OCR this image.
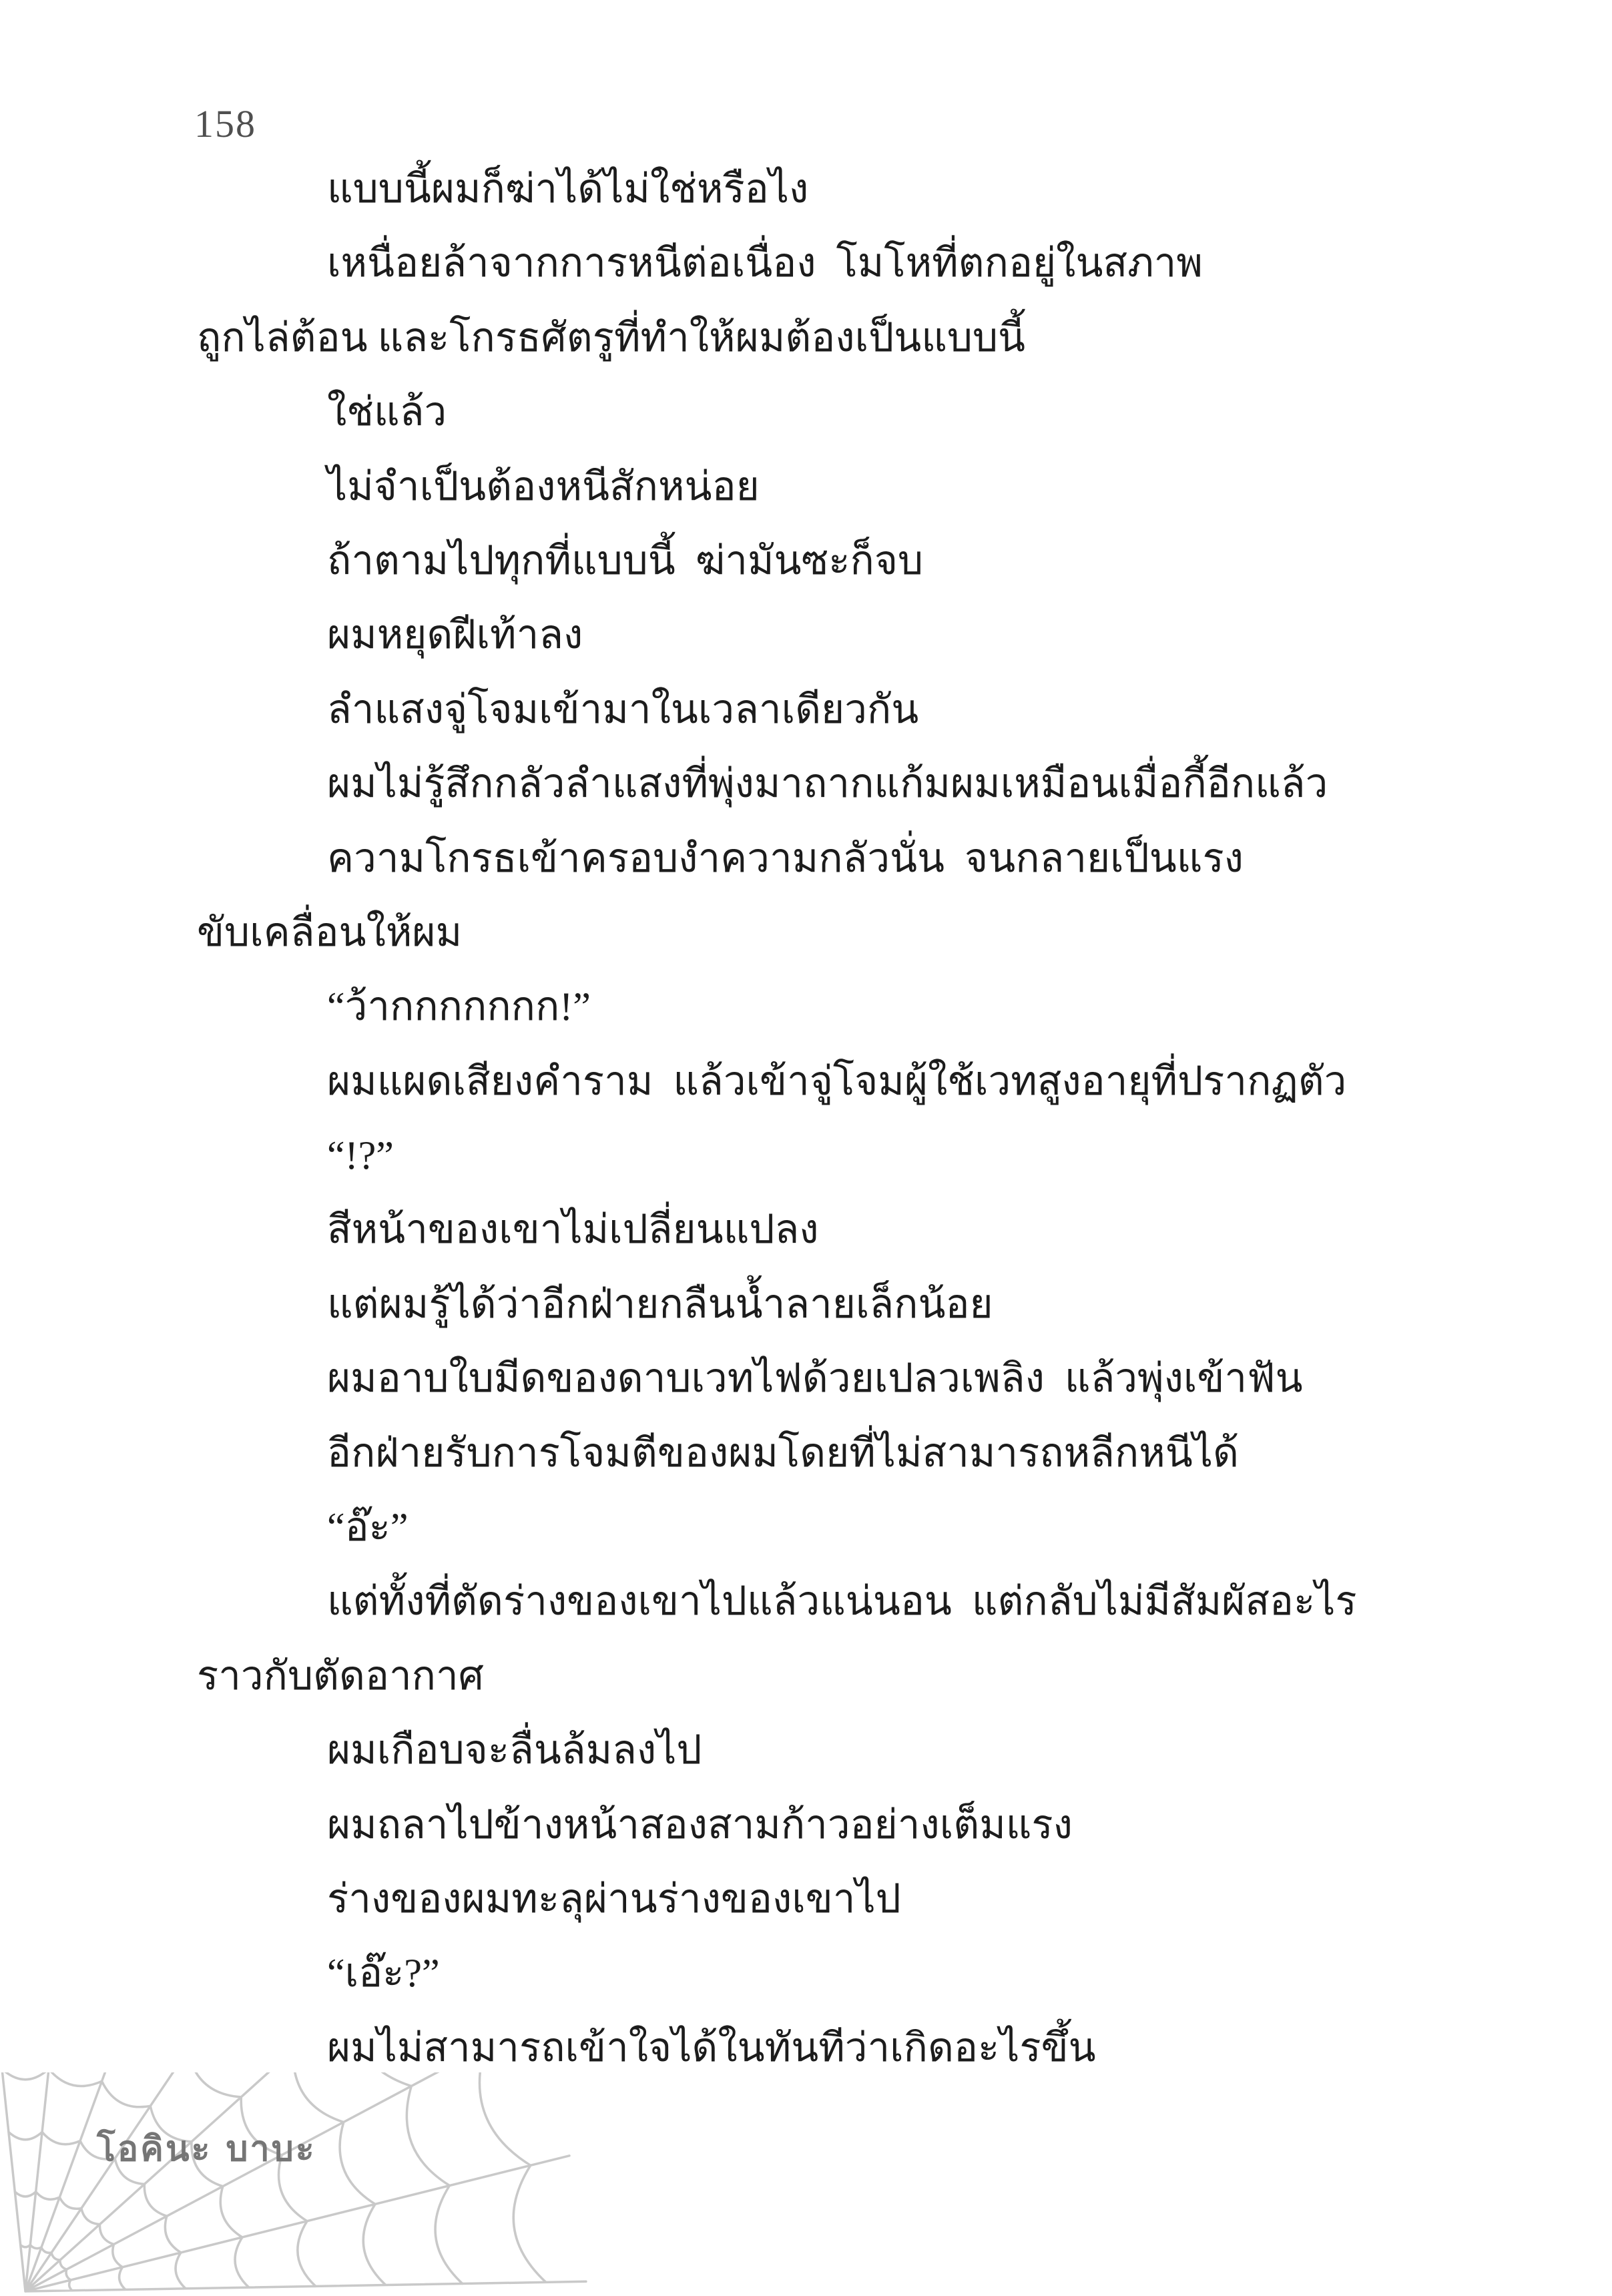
158
แบบนี้ผมก็ฆ่าได้ไม่ใช่หรือไง
เหนื่อยล้าจากการหนีต่อเนื่อง  โมโหที่ตกอยู่ในสภาพ
ถูกไล่ต้อน และโกรธศัตรูที่ทำให้ผมต้องเป็นแบบนี้
ใช่แล้ว
ไม่จำเป็นต้องหนีสักหน่อย
ถ้าตามไปทุกที่แบบนี้  ฆ่ามันซะก็จบ
ผมหยุดฝีเท้าลง
ลำแสงจู่โจมเข้ามาในเวลาเดียวกัน
ผมไม่รู้สึกกลัวลำแสงที่พุ่งมาถากแก้มผมเหมือนเมื่อกี้อีกแล้ว
ความโกรธเข้าครอบงำความกลัวนั่น  จนกลายเป็นแรง
ขับเคลื่อนให้ผม
“ว้ากกกกกกก!”
ผมแผดเสียงคำราม  แล้วเข้าจู่โจมผู้ใช้เวทสูงอายุที่ปรากฏตัว
“!?”
สีหน้าของเขาไม่เปลี่ยนแปลง
แต่ผมรู้ได้ว่าอีกฝ่ายกลืนน้ำลายเล็กน้อย
ผมอาบใบมีดของดาบเวทไฟด้วยเปลวเพลิง  แล้วพุ่งเข้าฟัน
อีกฝ่ายรับการโจมตีของผมโดยที่ไม่สามารถหลีกหนีได้
“อ๊ะ”
แต่ทั้งที่ตัดร่างของเขาไปแล้วแน่นอน  แต่กลับไม่มีสัมผัสอะไร
ราวกับตัดอากาศ
ผมเกือบจะลื่นล้มลงไป
ผมถลาไปข้างหน้าสองสามก้าวอย่างเต็มแรง
ร่างของผมทะลุผ่านร่างของเขาไป
“เอ๊ะ?”
ผมไม่สามารถเข้าใจได้ในทันทีว่าเกิดอะไรขึ้น
โอคินะ บาบะ
